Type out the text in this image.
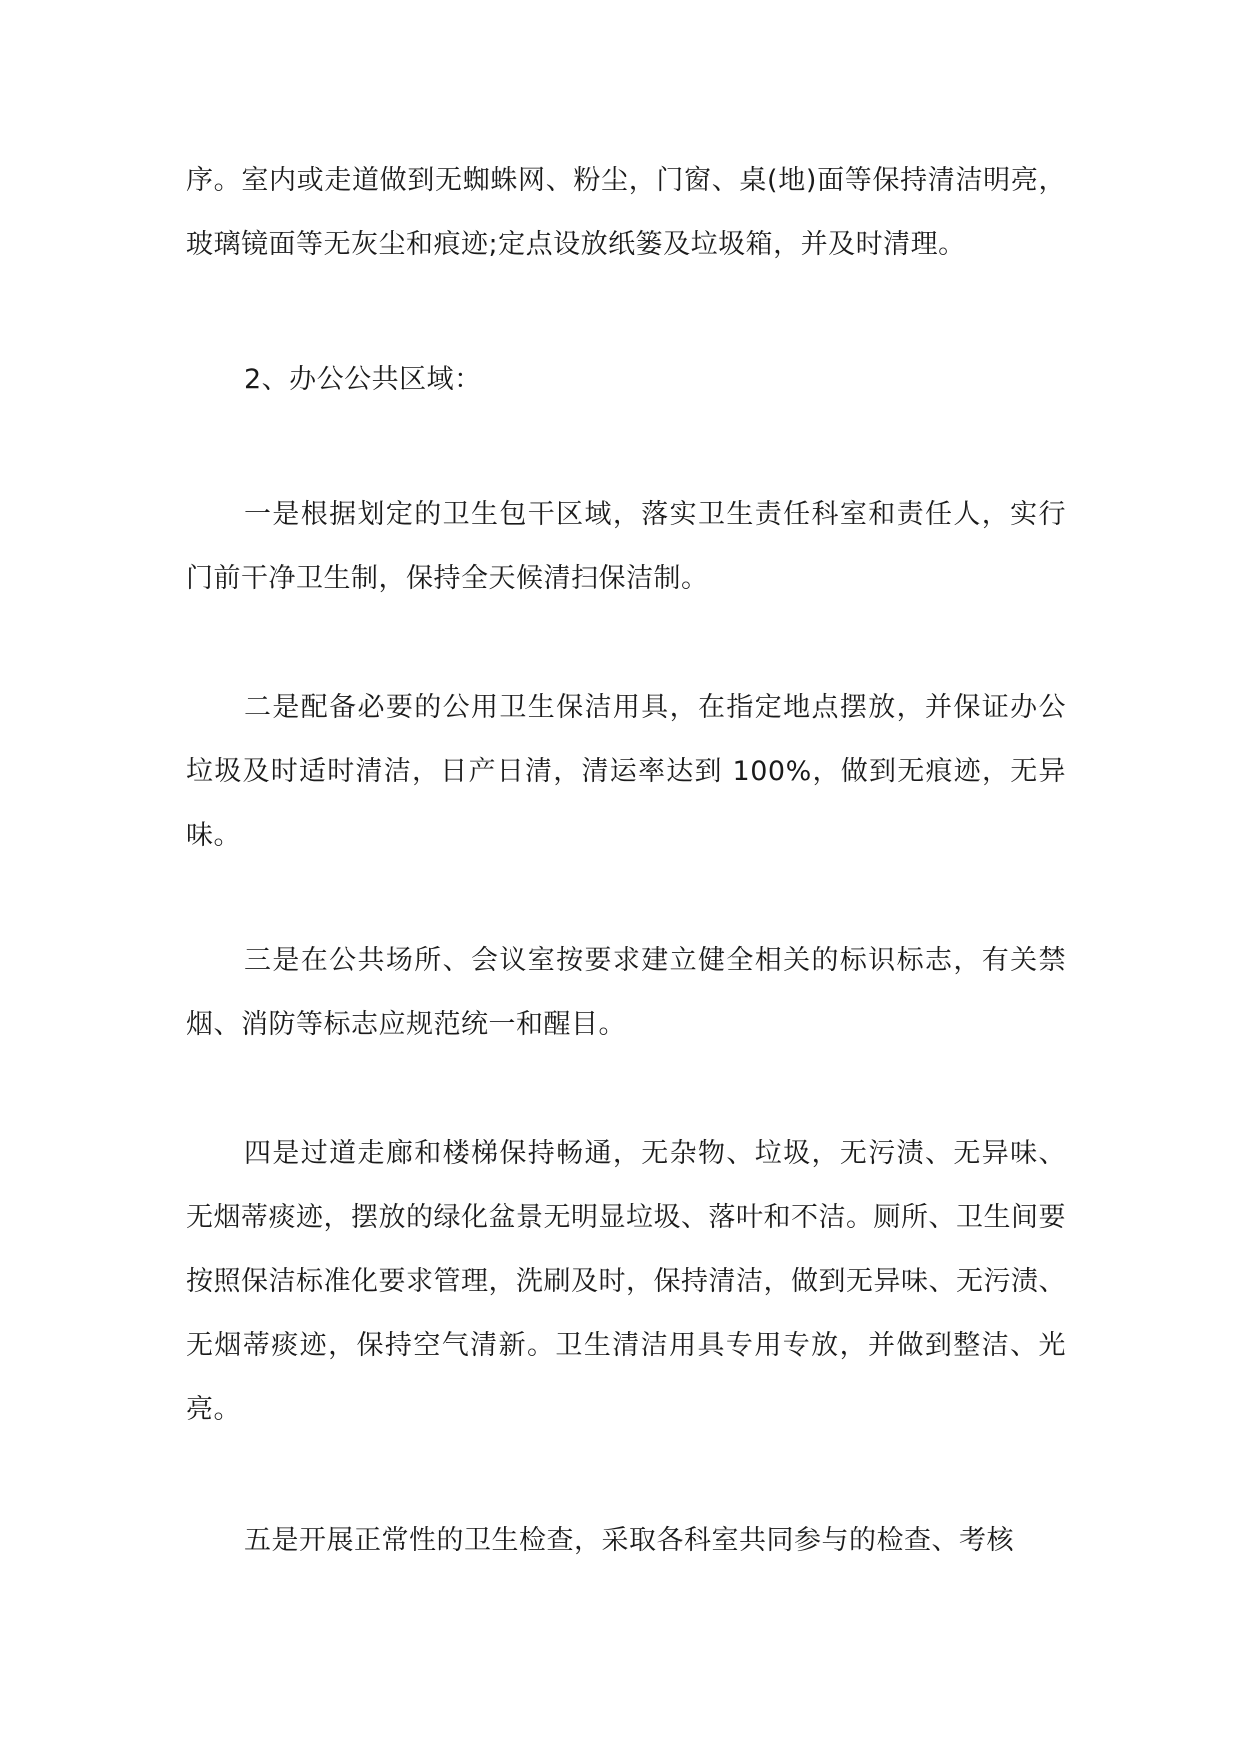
序。室内或走道做到无蜘蛛网、粉尘，门窗、桌(地)面等保持清洁明亮，玻璃镜面等无灰尘和痕迹;定点设放纸篓及垃圾箱，并及时清理。

2、办公公共区域：

一是根据划定的卫生包干区域，落实卫生责任科室和责任人，实行门前干净卫生制，保持全天候清扫保洁制。

二是配备必要的公用卫生保洁用具，在指定地点摆放，并保证办公垃圾及时适时清洁，日产日清，清运率达到 100%，做到无痕迹，无异味。

三是在公共场所、会议室按要求建立健全相关的标识标志，有关禁烟、消防等标志应规范统一和醒目。

四是过道走廊和楼梯保持畅通，无杂物、垃圾，无污渍、无异味、无烟蒂痰迹，摆放的绿化盆景无明显垃圾、落叶和不洁。厕所、卫生间要按照保洁标准化要求管理，洗刷及时，保持清洁，做到无异味、无污渍、无烟蒂痰迹，保持空气清新。卫生清洁用具专用专放，并做到整洁、光亮。

五是开展正常性的卫生检查，采取各科室共同参与的检查、考核
